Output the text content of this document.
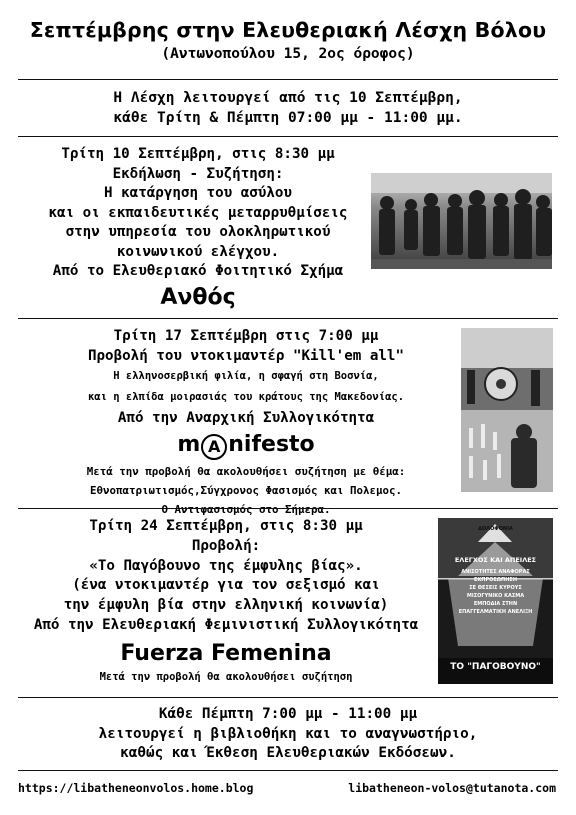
Σεπτέμβρης στην Ελευθεριακή Λέσχη Βόλου
(Αντωνοπούλου 15, 2ος όροφος)
Η Λέσχη λειτουργεί από τις 10 Σεπτέμβρη,
κάθε Τρίτη & Πέμπτη 07:00 μμ - 11:00 μμ.
Τρίτη 10 Σεπτέμβρη, στις 8:30 μμ
Εκδήλωση - Συζήτηση:
Η κατάργηση του ασύλου
και οι εκπαιδευτικές μεταρρυθμίσεις
στην υπηρεσία του ολοκληρωτικού
κοινωνικού ελέγχου.
Από το Ελευθεριακό Φοιτητικό Σχήμα
Ανθός
Τρίτη 17 Σεπτέμβρη στις 7:00 μμ
Προβολή του ντοκιμαντέρ "Kill'em all"
Η ελληνοσερβική φιλία, η σφαγή στη Βοσνία,
και η ελπίδα μοιρασιάς του κράτους της Μακεδονίας.
Από την Αναρχική Συλλογικότητα
m A nifesto
Μετά την προβολή θα ακολουθήσει συζήτηση με θέμα:
Εθνοπατριωτισμός,Σύγχρονος Φασισμός και Πολεμος.
Ο Αντιφασισμός στο Σήμερα.
Τρίτη 24 Σεπτέμβρη, στις 8:30 μμ
Προβολή:
«Το Παγόβουνο της έμφυλης βίας».
(ένα ντοκιμαντέρ για τον σεξισμό και
την έμφυλη βία στην ελληνική κοινωνία)
Από την Ελευθεριακή Φεμινιστική Συλλογικότητα
Fuerza Femenina
Μετά την προβολή θα ακολουθήσει συζήτηση
ΔΟΛΟΦΟΝΙΑ
ΕΛΕΓΧΟΣ ΚΑΙ ΑΠΕΙΛΕΣ
ΑΝΙΣΟΤΗΤΕΣ ΑΝΑΦΟΡΑΣ ΕΚΠΡΟΣΩΠΗΣΗ
ΣΕ ΘΕΣΕΙΣ ΚΥΡΟΥΣ
ΜΙΣΟΓΥΝΙΚΟ ΚΑΣΜΑ
ΕΜΠΟΔΙΑ ΣΤΗΝ
ΕΠΑΓΓΕΛΜΑΤΙΚΗ ΑΝΕΛΙΞΗ
ΤΟ "ΠΑΓΟΒΟΥΝΟ"
Κάθε Πέμπτη 7:00 μμ - 11:00 μμ
λειτουργεί η βιβλιοθήκη και το αναγνωστήριο,
καθώς και Έκθεση Ελευθεριακών Εκδόσεων.
https://libatheneonvolos.home.blog	libatheneon-volos@tutanota.com
